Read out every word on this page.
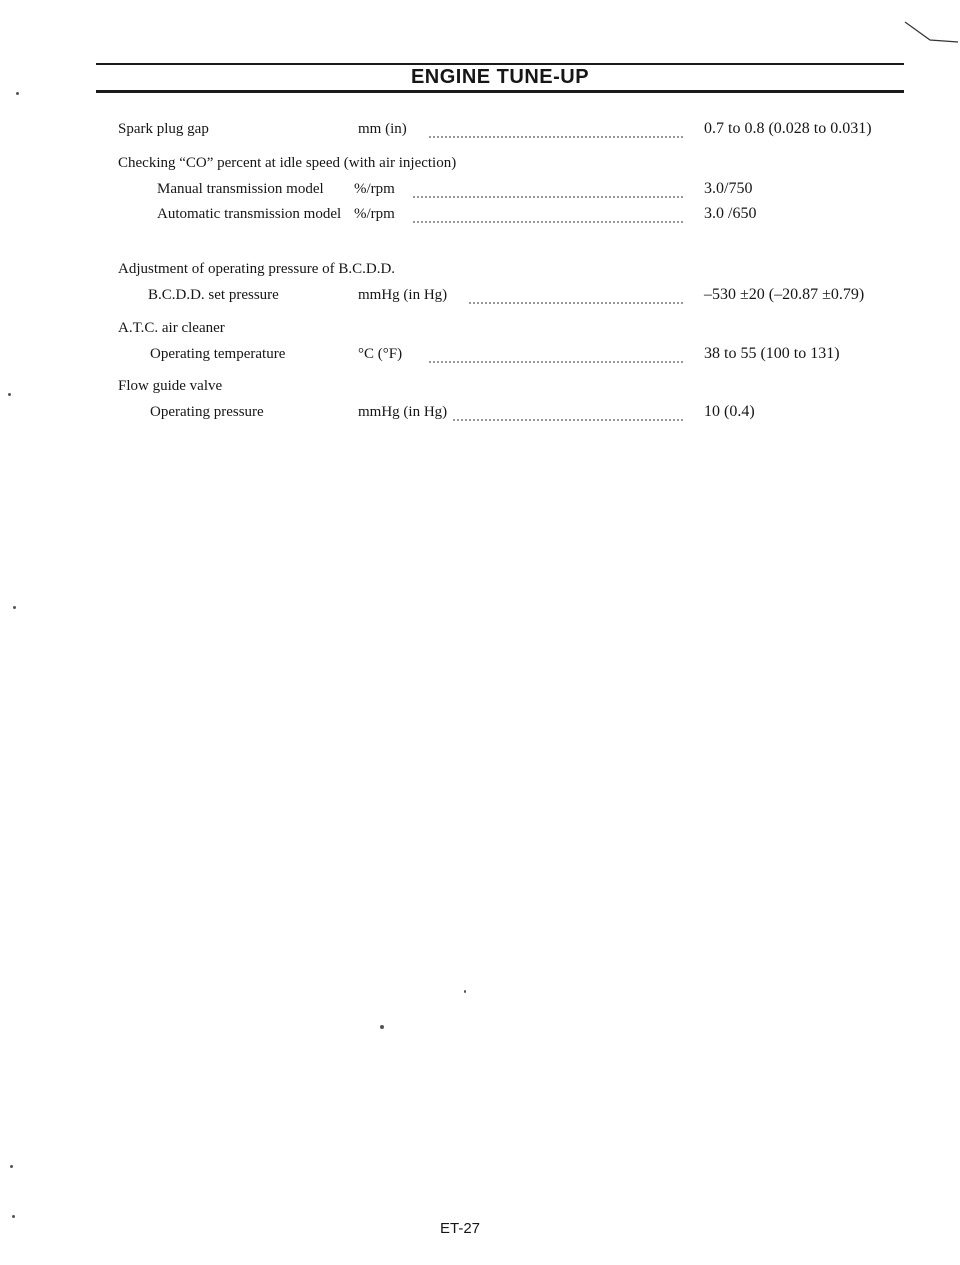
ENGINE TUNE-UP
Spark plug gap	mm (in)	0.7 to 0.8 (0.028 to 0.031)
Checking “CO” percent at idle speed (with air injection)
Manual transmission model %/rpm	3.0/750
Automatic transmission model %/rpm	3.0 /650
Adjustment of operating pressure of B.C.D.D.
B.C.D.D. set pressure	mmHg (in Hg)	–530 ±20 (–20.87 ±0.79)
A.T.C. air cleaner
Operating temperature	°C (°F)	38 to 55 (100 to 131)
Flow guide valve
Operating pressure	mmHg (in Hg)	10 (0.4)
ET-27
